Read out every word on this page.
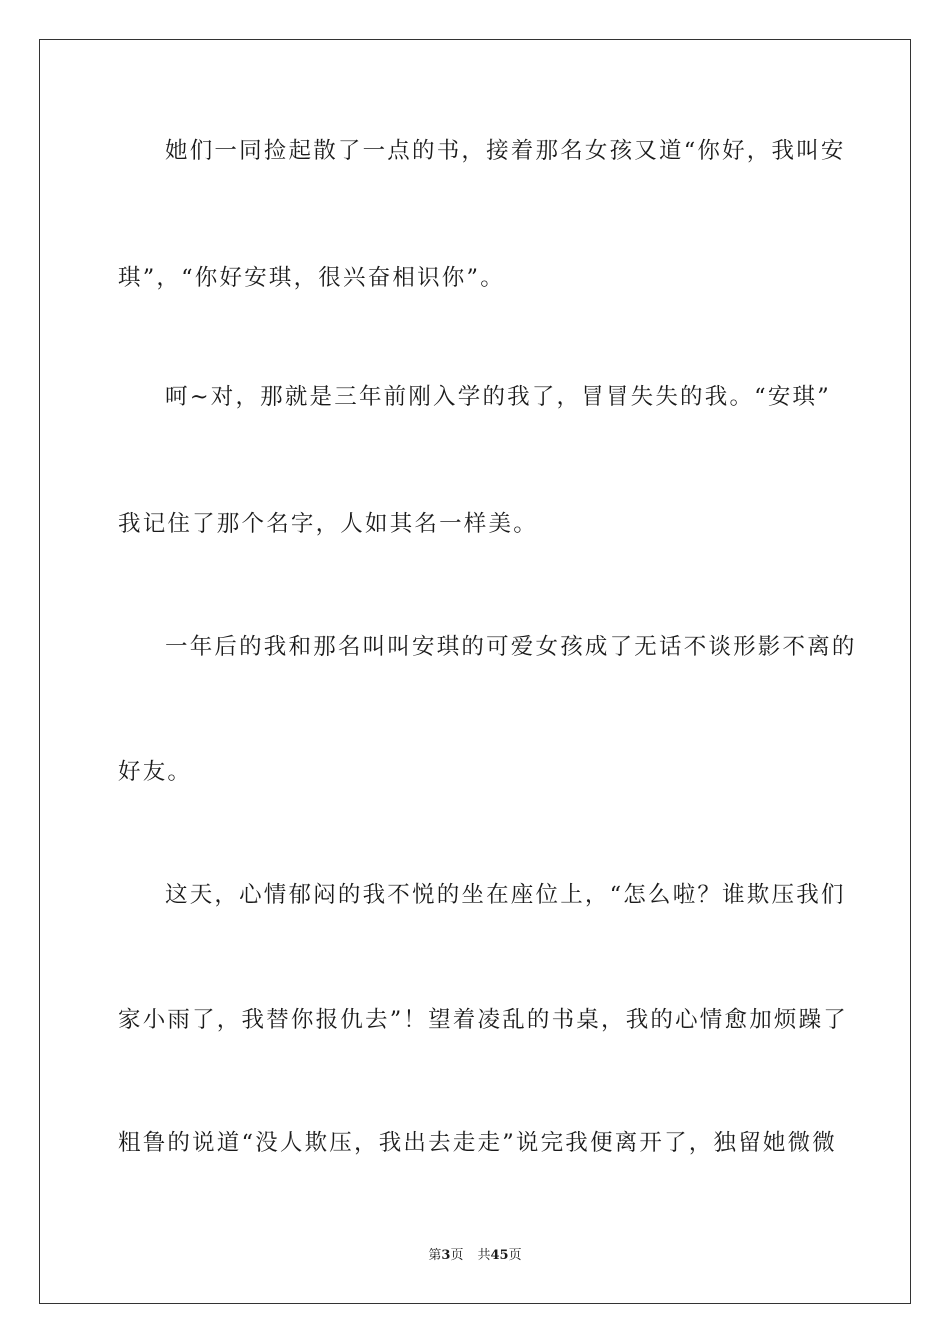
她们一同捡起散了一点的书，接着那名女孩又道“你好，我叫安
琪”，“你好安琪，很兴奋相识你”。
呵~对，那就是三年前刚入学的我了，冒冒失失的我。“安琪”
我记住了那个名字，人如其名一样美。
一年后的我和那名叫叫安琪的可爱女孩成了无话不谈形影不离的
好友。
这天，心情郁闷的我不悦的坐在座位上，“怎么啦？谁欺压我们
家小雨了，我替你报仇去”！望着凌乱的书桌，我的心情愈加烦躁了
粗鲁的说道“没人欺压，我出去走走”说完我便离开了，独留她微微
第3页 共45页
